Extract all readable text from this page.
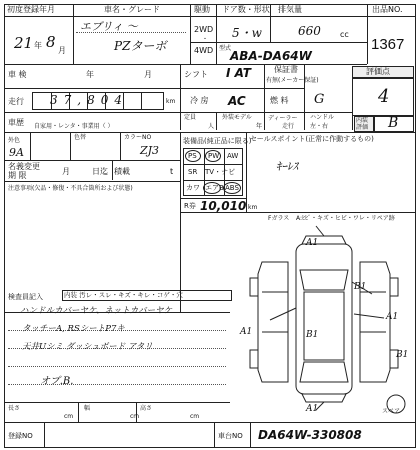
初度登録年月	車名・グレード	駆動 ドア数・形状 排気量	出品NO.
21 年 8 月
エブリィ ～
PZターボ
2WD
・
4WD
5・w	660 cc
型式
ABA-DA64W
1367
車 検	年	月	シフト I AT	保証書
有無(メーカー保証)
評価点
4
走行 37,804	km 冷 房 AC	燃 料 G
車歴 自家用・レンタ・事業用（ ）
定員
人
外装モデル
年
ディーラー
走行
ハンドル
左・右
内装
評価 B
外色
9A
色替	カラーNO
ZJ3
名義変更
期 限	月	日迄 積載	t
注意事項(欠品・修復・不具合箇所および状態)
装備品(純正品に限る)
PS PW AW
SR TV・ナビ
カワ エアB ABS
R券 10,010 km
セールスポイント(正常に作動するもの)
ｷｰﾚｽ
Fガラス A:ﾋﾋﾞ・キズ・ヒビ・ワレ・リペア跡
検査員記入	内装 汚レ・スレ・キズ・キレ・コゲ・穴
ハンドルカバーヤケ、ネットカバーヤケ
タッチーA, RSシートP7キ
天井Uシミ ダッシュボード アタリ
オプ.B.
A1
A1
A1
B1
B1
A1
B1
スペア
長さ
cm
幅
cm
高さ
cm
登録NO	車台NO DA64W-330808
